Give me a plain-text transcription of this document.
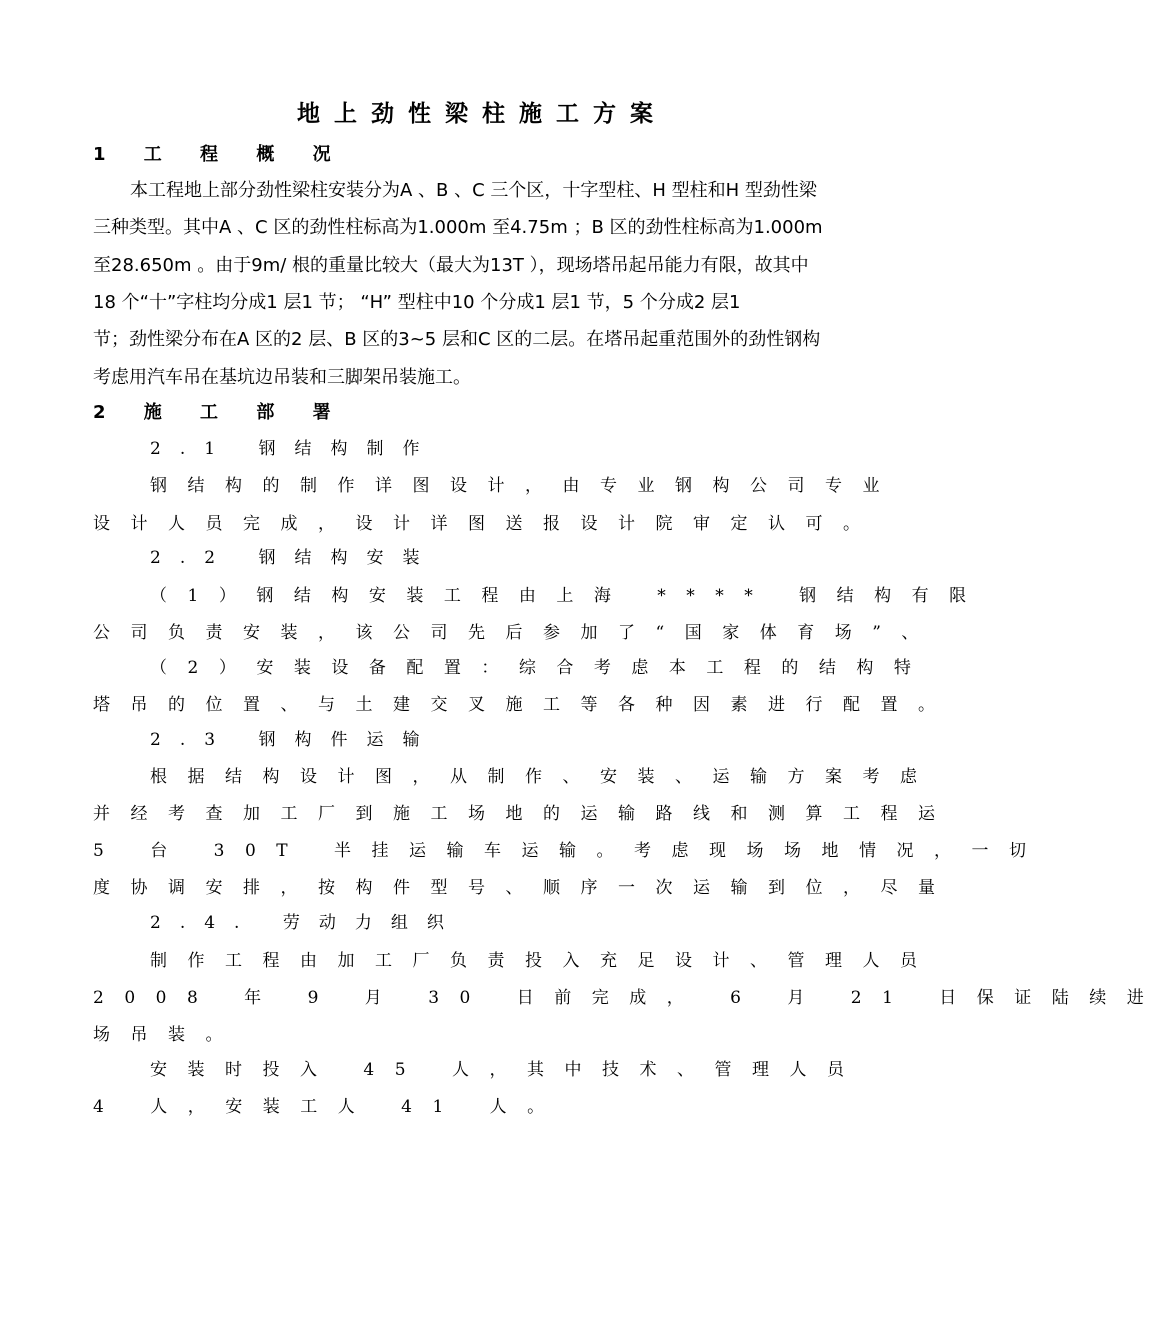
地上劲性梁柱施工方案
1 工 程 概 况
本工程地上部分劲性梁柱安装分为A 、B 、C 三个区，十字型柱、H 型柱和H 型劲性梁
三种类型。其中A 、C 区的劲性柱标高为1.000m 至4.75m ；B 区的劲性柱标高为1.000m
至28.650m 。由于9m/ 根的重量比较大（最大为13T ），现场塔吊起吊能力有限，故其中
18 个“十”字柱均分成1 层1 节； “H” 型柱中10 个分成1 层1 节，5 个分成2 层1
节；劲性梁分布在A 区的2 层、B 区的3~5 层和C 区的二层。在塔吊起重范围外的劲性钢构
考虑用汽车吊在基坑边吊装和三脚架吊装施工。
2 施 工 部 署
2.1 钢结构制作
钢结构的制作详图设计，由专业钢构公司专业
设计人员完成，设计详图送报设计院审定认可。
2.2 钢结构安装
（1）钢结构安装工程由上海 **** 钢结构有限
公司负责安装，该公司先后参加了“国家体育场”、
（2）安装设备配置：综合考虑本工程的结构特
塔吊的位置、与土建交叉施工等各种因素进行配置。
2.3 钢构件运输
根据结构设计图，从制作、安装、运输方案考虑
并经考查加工厂到施工场地的运输路线和测算工程运
5 台 30T 半挂运输车运输。考虑现场场地情况，一切
度协调安排，按构件型号、顺序一次运输到位，尽量
2.4. 劳动力组织
制作工程由加工厂负责投入充足设计、管理人员
2008 年 9 月 30 日前完成， 6 月 21 日保证陆续进
场吊装。
安装时投入 45 人，其中技术、管理人员
4 人，安装工人 41 人。
